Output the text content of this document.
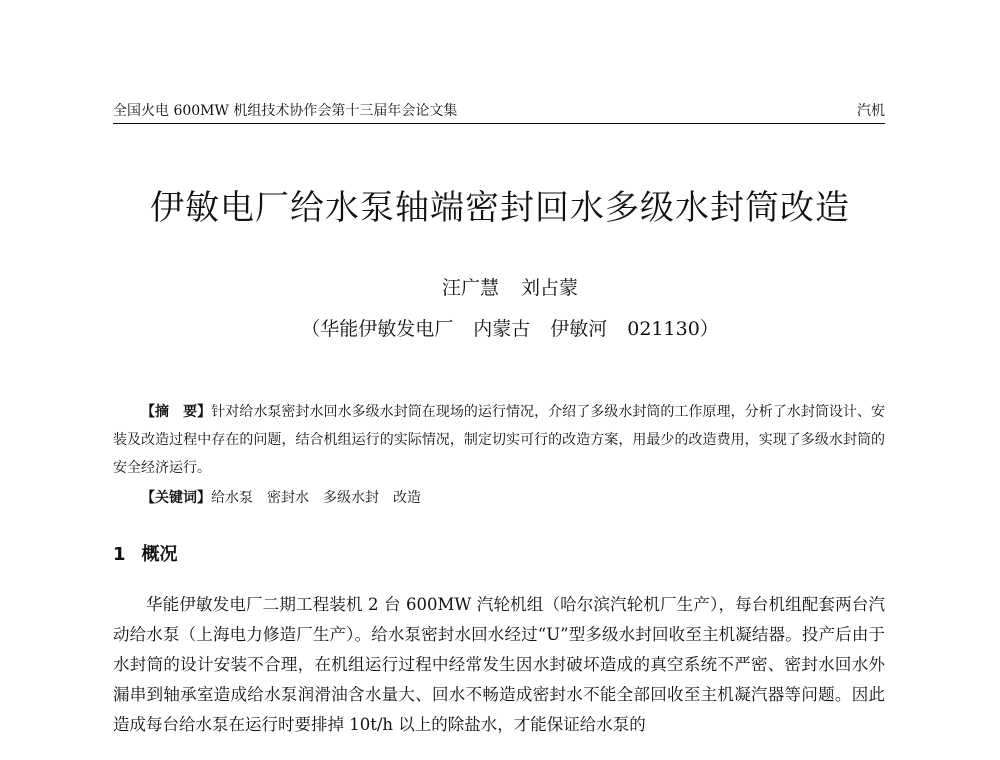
全国火电 600MW 机组技术协作会第十三届年会论文集	汽机
伊敏电厂给水泵轴端密封回水多级水封筒改造
汪广慧 刘占蒙
（华能伊敏发电厂 内蒙古 伊敏河 021130）

【摘　要】针对给水泵密封水回水多级水封筒在现场的运行情况，介绍了多级水封筒的工作原理，分析了水封筒设计、安装及改造过程中存在的问题，结合机组运行的实际情况，制定切实可行的改造方案，用最少的改造费用，实现了多级水封筒的安全经济运行。

【关键词】给水泵 密封水 多级水封 改造
1 概况

华能伊敏发电厂二期工程装机 2 台 600MW 汽轮机组（哈尔滨汽轮机厂生产），每台机组配套两台汽动给水泵（上海电力修造厂生产）。给水泵密封水回水经过“U”型多级水封回收至主机凝结器。投产后由于水封筒的设计安装不合理，在机组运行过程中经常发生因水封破坏造成的真空系统不严密、密封水回水外漏串到轴承室造成给水泵润滑油含水量大、回水不畅造成密封水不能全部回收至主机凝汽器等问题。因此造成每台给水泵在运行时要排掉 10t/h 以上的除盐水，才能保证给水泵的
